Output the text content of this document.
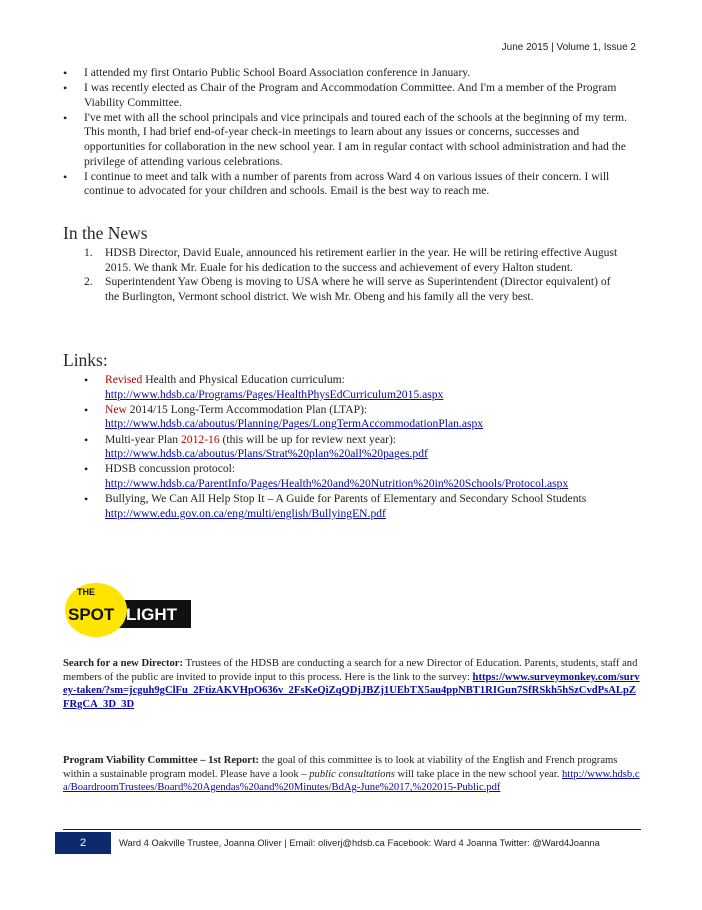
June 2015 | Volume 1, Issue 2
• I attended my first Ontario Public School Board Association conference in January.
• I was recently elected as Chair of the Program and Accommodation Committee. And I'm a member of the Program Viability Committee.
• I've met with all the school principals and vice principals and toured each of the schools at the beginning of my term. This month, I had brief end-of-year check-in meetings to learn about any issues or concerns, successes and opportunities for collaboration in the new school year. I am in regular contact with school administration and had the privilege of attending various celebrations.
• I continue to meet and talk with a number of parents from across Ward 4 on various issues of their concern. I will continue to advocated for your children and schools. Email is the best way to reach me.
In the News
1. HDSB Director, David Euale, announced his retirement earlier in the year. He will be retiring effective August 2015. We thank Mr. Euale for his dedication to the success and achievement of every Halton student.
2. Superintendent Yaw Obeng is moving to USA where he will serve as Superintendent (Director equivalent) of the Burlington, Vermont school district. We wish Mr. Obeng and his family all the very best.
Links:
• Revised Health and Physical Education curriculum:
http://www.hdsb.ca/Programs/Pages/HealthPhysEdCurriculum2015.aspx
• New 2014/15 Long-Term Accommodation Plan (LTAP):
http://www.hdsb.ca/aboutus/Planning/Pages/LongTermAccommodationPlan.aspx
• Multi-year Plan 2012-16 (this will be up for review next year):
http://www.hdsb.ca/aboutus/Plans/Strat%20plan%20all%20pages.pdf
• HDSB concussion protocol:
http://www.hdsb.ca/ParentInfo/Pages/Health%20and%20Nutrition%20in%20Schools/Protocol.aspx
• Bullying, We Can All Help Stop It – A Guide for Parents of Elementary and Secondary School Students http://www.edu.gov.on.ca/eng/multi/english/BullyingEN.pdf
THE
SPOT LIGHT
Search for a new Director: Trustees of the HDSB are conducting a search for a new Director of Education. Parents, students, staff and members of the public are invited to provide input to this process. Here is the link to the survey: https://www.surveymonkey.com/survey-taken/?sm=jcguh9gClFu_2FtizAKVHpO636v_2FsKeQiZqQDjJBZj1UEbTX5au4ppNBT1RIGun7SfRSkh5hSzCvdPsALpZFRgCA_3D_3D
Program Viability Committee – 1st Report: the goal of this committee is to look at viability of the English and French programs within a sustainable program model. Please have a look – public consultations will take place in the new school year. http://www.hdsb.ca/BoardroomTrustees/Board%20Agendas%20and%20Minutes/BdAg-June%2017,%202015-Public.pdf
2	Ward 4 Oakville Trustee, Joanna Oliver | Email: oliverj@hdsb.ca Facebook: Ward 4 Joanna Twitter: @Ward4Joanna
